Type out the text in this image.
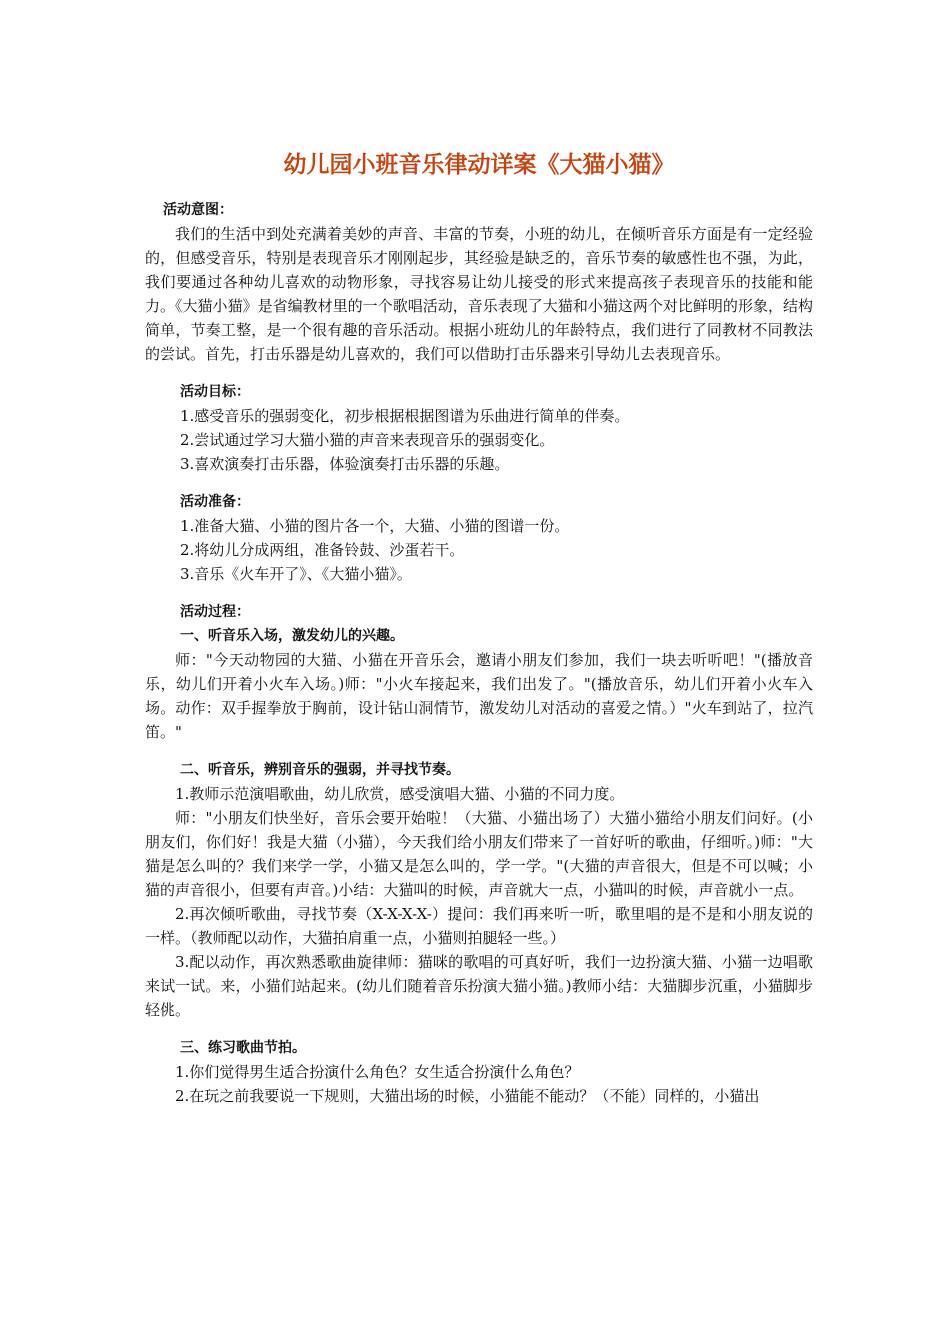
幼儿园小班音乐律动详案《大猫小猫》
活动意图：

我们的生活中到处充满着美妙的声音、丰富的节奏，小班的幼儿，在倾听音乐方面是有一定经验的，但感受音乐，特别是表现音乐才刚刚起步，其经验是缺乏的，音乐节奏的敏感性也不强，为此，我们要通过各种幼儿喜欢的动物形象，寻找容易让幼儿接受的形式来提高孩子表现音乐的技能和能力。《大猫小猫》是省编教材里的一个歌唱活动，音乐表现了大猫和小猫这两个对比鲜明的形象，结构简单，节奏工整，是一个很有趣的音乐活动。根据小班幼儿的年龄特点，我们进行了同教材不同教法的尝试。首先，打击乐器是幼儿喜欢的，我们可以借助打击乐器来引导幼儿去表现音乐。

活动目标：

1.感受音乐的强弱变化，初步根据根据图谱为乐曲进行简单的伴奏。

2.尝试通过学习大猫小猫的声音来表现音乐的强弱变化。

3.喜欢演奏打击乐器，体验演奏打击乐器的乐趣。

活动准备：

1.准备大猫、小猫的图片各一个，大猫、小猫的图谱一份。

2.将幼儿分成两组，准备铃鼓、沙蛋若干。

3.音乐《火车开了》、《大猫小猫》。

活动过程：
一、听音乐入场，激发幼儿的兴趣。

师："今天动物园的大猫、小猫在开音乐会，邀请小朋友们参加，我们一块去听听吧！"(播放音乐，幼儿们开着小火车入场。)师："小火车接起来，我们出发了。"(播放音乐，幼儿们开着小火车入场。动作：双手握拳放于胸前，设计钻山洞情节，激发幼儿对活动的喜爱之情。）"火车到站了，拉汽笛。"

二、听音乐，辨别音乐的强弱，并寻找节奏。

1.教师示范演唱歌曲，幼儿欣赏，感受演唱大猫、小猫的不同力度。

师："小朋友们快坐好，音乐会要开始啦！（大猫、小猫出场了）大猫小猫给小朋友们问好。(小朋友们，你们好！我是大猫（小猫），今天我们给小朋友们带来了一首好听的歌曲，仔细听。)师："大猫是怎么叫的？我们来学一学，小猫又是怎么叫的，学一学。"(大猫的声音很大，但是不可以喊；小猫的声音很小，但要有声音。)小结：大猫叫的时候，声音就大一点，小猫叫的时候，声音就小一点。

2.再次倾听歌曲，寻找节奏（X-X-X-X-）提问：我们再来听一听，歌里唱的是不是和小朋友说的一样。（教师配以动作，大猫拍肩重一点，小猫则拍腿轻一些。）

3.配以动作，再次熟悉歌曲旋律师：猫咪的歌唱的可真好听，我们一边扮演大猫、小猫一边唱歌来试一试。来，小猫们站起来。(幼儿们随着音乐扮演大猫小猫。)教师小结：大猫脚步沉重，小猫脚步轻佻。

三、练习歌曲节拍。

1.你们觉得男生适合扮演什么角色？女生适合扮演什么角色？

2.在玩之前我要说一下规则，大猫出场的时候，小猫能不能动？（不能）同样的，小猫出
